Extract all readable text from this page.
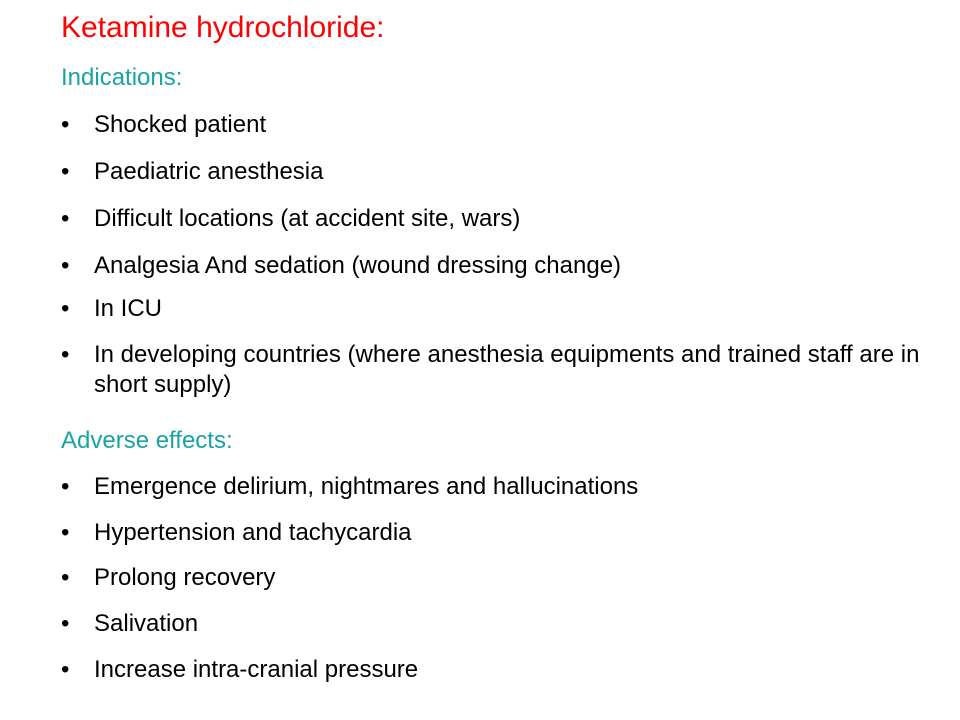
Ketamine hydrochloride:
Indications:
•	Shocked patient
•	Paediatric anesthesia
•	Difficult locations (at accident site, wars)
•	Analgesia And sedation (wound dressing change)
•	In ICU
•	In developing countries (where anesthesia equipments and trained staff are in short supply)
Adverse effects:
•	Emergence delirium, nightmares and hallucinations
•	Hypertension and tachycardia
•	Prolong recovery
•	Salivation
•	Increase intra-cranial pressure
